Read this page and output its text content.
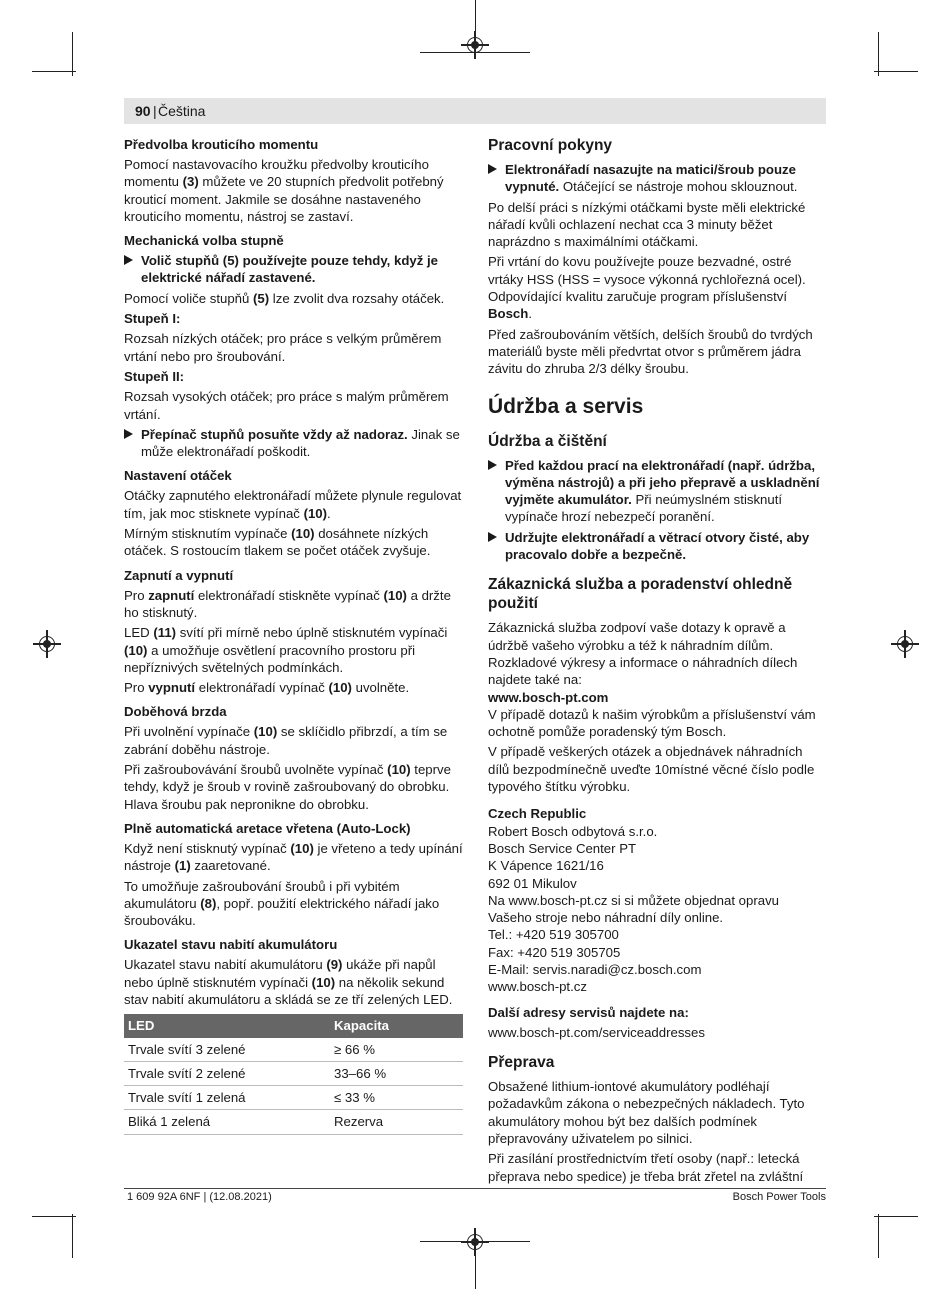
90 | Čeština
Předvolba krouticího momentu

Pomocí nastavovacího kroužku předvolby krouticího momentu (3) můžete ve 20 stupních předvolit potřebný krouticí moment. Jakmile se dosáhne nastaveného krouticího momentu, nástroj se zastaví.

Mechanická volba stupně
Volič stupňů (5) používejte pouze tehdy, když je elektrické nářadí zastavené.

Pomocí voliče stupňů (5) lze zvolit dva rozsahy otáček.

Stupeň I:

Rozsah nízkých otáček; pro práce s velkým průměrem vrtání nebo pro šroubování.

Stupeň II:

Rozsah vysokých otáček; pro práce s malým průměrem vrtání.

Přepínač stupňů posuňte vždy až nadoraz. Jinak se může elektronářadí poškodit.
Nastavení otáček

Otáčky zapnutého elektronářadí můžete plynule regulovat tím, jak moc stisknete vypínač (10).

Mírným stisknutím vypínače (10) dosáhnete nízkých otáček. S rostoucím tlakem se počet otáček zvyšuje.

Zapnutí a vypnutí

Pro zapnutí elektronářadí stiskněte vypínač (10) a držte ho stisknutý.

LED (11) svítí při mírně nebo úplně stisknutém vypínači (10) a umožňuje osvětlení pracovního prostoru při nepříznivých světelných podmínkách.

Pro vypnutí elektronářadí vypínač (10) uvolněte.

Doběhová brzda

Při uvolnění vypínače (10) se sklíčidlo přibrzdí, a tím se zabrání doběhu nástroje.

Při zašroubovávání šroubů uvolněte vypínač (10) teprve tehdy, když je šroub v rovině zašroubovaný do obrobku. Hlava šroubu pak nepronikne do obrobku.

Plně automatická aretace vřetena (Auto-Lock)

Když není stisknutý vypínač (10) je vřeteno a tedy upínání nástroje (1) zaaretované.

To umožňuje zašroubování šroubů i při vybitém akumulátoru (8), popř. použití elektrického nářadí jako šroubováku.

Ukazatel stavu nabití akumulátoru

Ukazatel stavu nabití akumulátoru (9) ukáže při napůl nebo úplně stisknutém vypínači (10) na několik sekund stav nabití akumulátoru a skládá se ze tří zelených LED.

LED	Kapacita
Trvale svítí 3 zelené	≥ 66 %
Trvale svítí 2 zelené	33–66 %
Trvale svítí 1 zelená	≤ 33 %
Bliká 1 zelená	Rezerva
Pracovní pokyny
Elektronářadí nasazujte na matici/šroub pouze vypnuté. Otáčející se nástroje mohou sklouznout.

Po delší práci s nízkými otáčkami byste měli elektrické nářadí kvůli ochlazení nechat cca 3 minuty běžet naprázdno s maximálními otáčkami.

Při vrtání do kovu používejte pouze bezvadné, ostré vrtáky HSS (HSS = vysoce výkonná rychlořezná ocel). Odpovídající kvalitu zaručuje program příslušenství Bosch.

Před zašroubováním větších, delších šroubů do tvrdých materiálů byste měli předvrtat otvor s průměrem jádra závitu do zhruba 2/3 délky šroubu.

Údržba a servis
Údržba a čištění
Před každou prací na elektronářadí (např. údržba, výměna nástrojů) a při jeho přepravě a uskladnění vyjměte akumulátor. Při neúmyslném stisknutí vypínače hrozí nebezpečí poranění.
Udržujte elektronářadí a větrací otvory čisté, aby pracovalo dobře a bezpečně.
Zákaznická služba a poradenství ohledně použití

Zákaznická služba zodpoví vaše dotazy k opravě a údržbě vašeho výrobku a též k náhradním dílům. Rozkladové výkresy a informace o náhradních dílech najdete také na:

www.bosch-pt.com

V případě dotazů k našim výrobkům a příslušenství vám ochotně pomůže poradenský tým Bosch.

V případě veškerých otázek a objednávek náhradních dílů bezpodmínečně uveďte 10místné věcné číslo podle typového štítku výrobku.

Czech Republic

Robert Bosch odbytová s.r.o.
Bosch Service Center PT
K Vápence 1621/16
692 01 Mikulov
Na www.bosch-pt.cz si si můžete objednat opravu Vašeho stroje nebo náhradní díly online.
Tel.: +420 519 305700
Fax: +420 519 305705
E-Mail: servis.naradi@cz.bosch.com
www.bosch-pt.cz

Další adresy servisů najdete na:

www.bosch-pt.com/serviceaddresses

Přeprava

Obsažené lithium-iontové akumulátory podléhají požadavkům zákona o nebezpečných nákladech. Tyto akumulátory mohou být bez dalších podmínek přepravovány uživatelem po silnici.

Při zasílání prostřednictvím třetí osoby (např.: letecká přeprava nebo spedice) je třeba brát zřetel na zvláštní

1 609 92A 6NF | (12.08.2021)	Bosch Power Tools
